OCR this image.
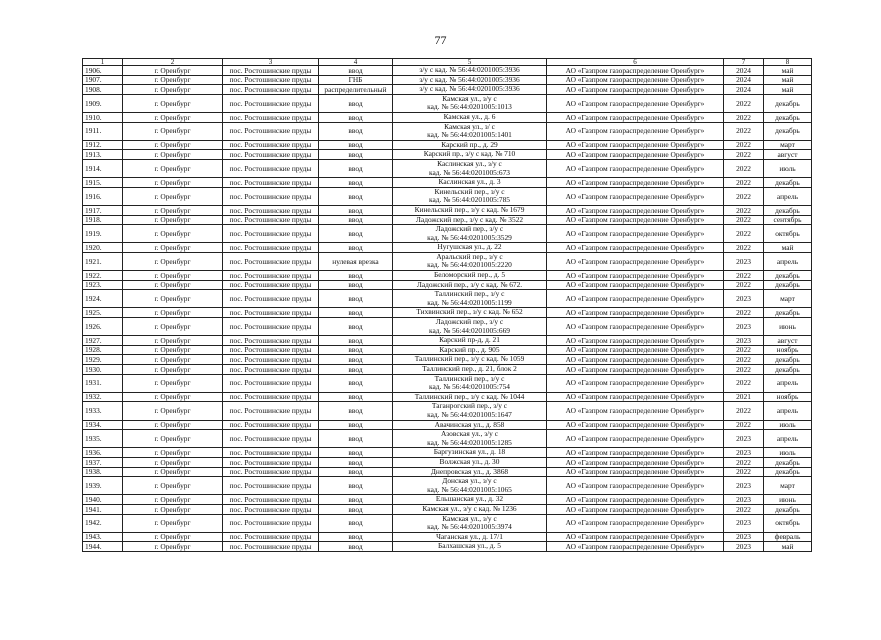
77
1	2	3	4	5	6	7	8
1906.	г. Оренбург	пос. Ростошинские пруды	ввод	з/у с кад. № 56:44:0201005:3936	АО «Газпром газораспределение Оренбург»	2024	май
1907.	г. Оренбург	пос. Ростошинские пруды	ГНБ	з/у с кад. № 56:44:0201005:3936	АО «Газпром газораспределение Оренбург»	2024	май
1908.	г. Оренбург	пос. Ростошинские пруды	распределительный	з/у с кад. № 56:44:0201005:3936	АО «Газпром газораспределение Оренбург»	2024	май
1909.	г. Оренбург	пос. Ростошинские пруды	ввод	Камская ул., з/у с
кад. № 56:44:0201005:1013	АО «Газпром газораспределение Оренбург»	2022	декабрь
1910.	г. Оренбург	пос. Ростошинские пруды	ввод	Камская ул., д. 6	АО «Газпром газораспределение Оренбург»	2022	декабрь
1911.	г. Оренбург	пос. Ростошинские пруды	ввод	Камская ул., з/ с
кад. № 56:44:0201005:1401	АО «Газпром газораспределение Оренбург»	2022	декабрь
1912.	г. Оренбург	пос. Ростошинские пруды	ввод	Карский пр., д. 29	АО «Газпром газораспределение Оренбург»	2022	март
1913.	г. Оренбург	пос. Ростошинские пруды	ввод	Карский пр., з/у с кад. № 710	АО «Газпром газораспределение Оренбург»	2022	август
1914.	г. Оренбург	пос. Ростошинские пруды	ввод	Каслинская ул., з/у с
кад. № 56:44:0201005:673	АО «Газпром газораспределение Оренбург»	2022	июль
1915.	г. Оренбург	пос. Ростошинские пруды	ввод	Каслинская ул., д. 3	АО «Газпром газораспределение Оренбург»	2022	декабрь
1916.	г. Оренбург	пос. Ростошинские пруды	ввод	Кинельский пер., з/у с
кад. № 56:44:0201005:785	АО «Газпром газораспределение Оренбург»	2022	апрель
1917.	г. Оренбург	пос. Ростошинские пруды	ввод	Кинельский пер., з/у с кад. № 1679	АО «Газпром газораспределение Оренбург»	2022	декабрь
1918.	г. Оренбург	пос. Ростошинские пруды	ввод	Ладожский пер., з/у с кад. № 3522	АО «Газпром газораспределение Оренбург»	2022	сентябрь
1919.	г. Оренбург	пос. Ростошинские пруды	ввод	Ладожский пер., з/у с
кад. № 56:44:0201005:3529	АО «Газпром газораспределение Оренбург»	2022	октябрь
1920.	г. Оренбург	пос. Ростошинские пруды	ввод	Нугушская ул., д. 22	АО «Газпром газораспределение Оренбург»	2022	май
1921.	г. Оренбург	пос. Ростошинские пруды	нулевая врезка	Аральский пер., з/у с
кад. № 56:44:0201005:2220	АО «Газпром газораспределение Оренбург»	2023	апрель
1922.	г. Оренбург	пос. Ростошинские пруды	ввод	Беломорский пер., д. 5	АО «Газпром газораспределение Оренбург»	2022	декабрь
1923.	г. Оренбург	пос. Ростошинские пруды	ввод	Ладожский пер., з/у с кад. № 672.	АО «Газпром газораспределение Оренбург»	2022	декабрь
1924.	г. Оренбург	пос. Ростошинские пруды	ввод	Таллинский пер., з/у с
кад. № 56:44:0201005:1199	АО «Газпром газораспределение Оренбург»	2023	март
1925.	г. Оренбург	пос. Ростошинские пруды	ввод	Тихвинский пер., з/у с кад. № 652	АО «Газпром газораспределение Оренбург»	2022	декабрь
1926.	г. Оренбург	пос. Ростошинские пруды	ввод	Ладожский пер., з/у с
кад. № 56:44:0201005:669	АО «Газпром газораспределение Оренбург»	2023	июнь
1927.	г. Оренбург	пос. Ростошинские пруды	ввод	Карский пр-д, д. 21	АО «Газпром газораспределение Оренбург»	2023	август
1928.	г. Оренбург	пос. Ростошинские пруды	ввод	Карский пр., д. 905	АО «Газпром газораспределение Оренбург»	2022	ноябрь
1929.	г. Оренбург	пос. Ростошинские пруды	ввод	Таллинский пер., з/у с кад. № 1059	АО «Газпром газораспределение Оренбург»	2022	декабрь
1930.	г. Оренбург	пос. Ростошинские пруды	ввод	Таллинский пер., д. 21, блок 2	АО «Газпром газораспределение Оренбург»	2022	декабрь
1931.	г. Оренбург	пос. Ростошинские пруды	ввод	Таллинский пер., з/у с
кад. № 56:44:0201005:754	АО «Газпром газораспределение Оренбург»	2022	апрель
1932.	г. Оренбург	пос. Ростошинские пруды	ввод	Таллинский пер., з/у с кад. № 1044	АО «Газпром газораспределение Оренбург»	2021	ноябрь
1933.	г. Оренбург	пос. Ростошинские пруды	ввод	Таганрогский пер., з/у с
кад. № 56:44:0201005:1647	АО «Газпром газораспределение Оренбург»	2022	апрель
1934.	г. Оренбург	пос. Ростошинские пруды	ввод	Авачинская ул., д. 858	АО «Газпром газораспределение Оренбург»	2022	июль
1935.	г. Оренбург	пос. Ростошинские пруды	ввод	Азовская ул., з/у с
кад. № 56:44:0201005:1285	АО «Газпром газораспределение Оренбург»	2023	апрель
1936.	г. Оренбург	пос. Ростошинские пруды	ввод	Баргузинская ул., д. 18	АО «Газпром газораспределение Оренбург»	2023	июль
1937.	г. Оренбург	пос. Ростошинские пруды	ввод	Волжская ул., д. 30	АО «Газпром газораспределение Оренбург»	2022	декабрь
1938.	г. Оренбург	пос. Ростошинские пруды	ввод	Днепровская ул., д. 3868	АО «Газпром газораспределение Оренбург»	2022	декабрь
1939.	г. Оренбург	пос. Ростошинские пруды	ввод	Донская ул., з/у с
кад. № 56:44:0201005:1065	АО «Газпром газораспределение Оренбург»	2023	март
1940.	г. Оренбург	пос. Ростошинские пруды	ввод	Ельшанская ул., д. 32	АО «Газпром газораспределение Оренбург»	2023	июнь
1941.	г. Оренбург	пос. Ростошинские пруды	ввод	Камская ул., з/у с кад. № 1236	АО «Газпром газораспределение Оренбург»	2022	декабрь
1942.	г. Оренбург	пос. Ростошинские пруды	ввод	Камская ул., з/у с
кад. № 56:44:0201005:3974	АО «Газпром газораспределение Оренбург»	2023	октябрь
1943.	г. Оренбург	пос. Ростошинские пруды	ввод	Чаганская ул., д. 17/1	АО «Газпром газораспределение Оренбург»	2023	февраль
1944.	г. Оренбург	пос. Ростошинские пруды	ввод	Балхашская ул., д. 5	АО «Газпром газораспределение Оренбург»	2023	май
